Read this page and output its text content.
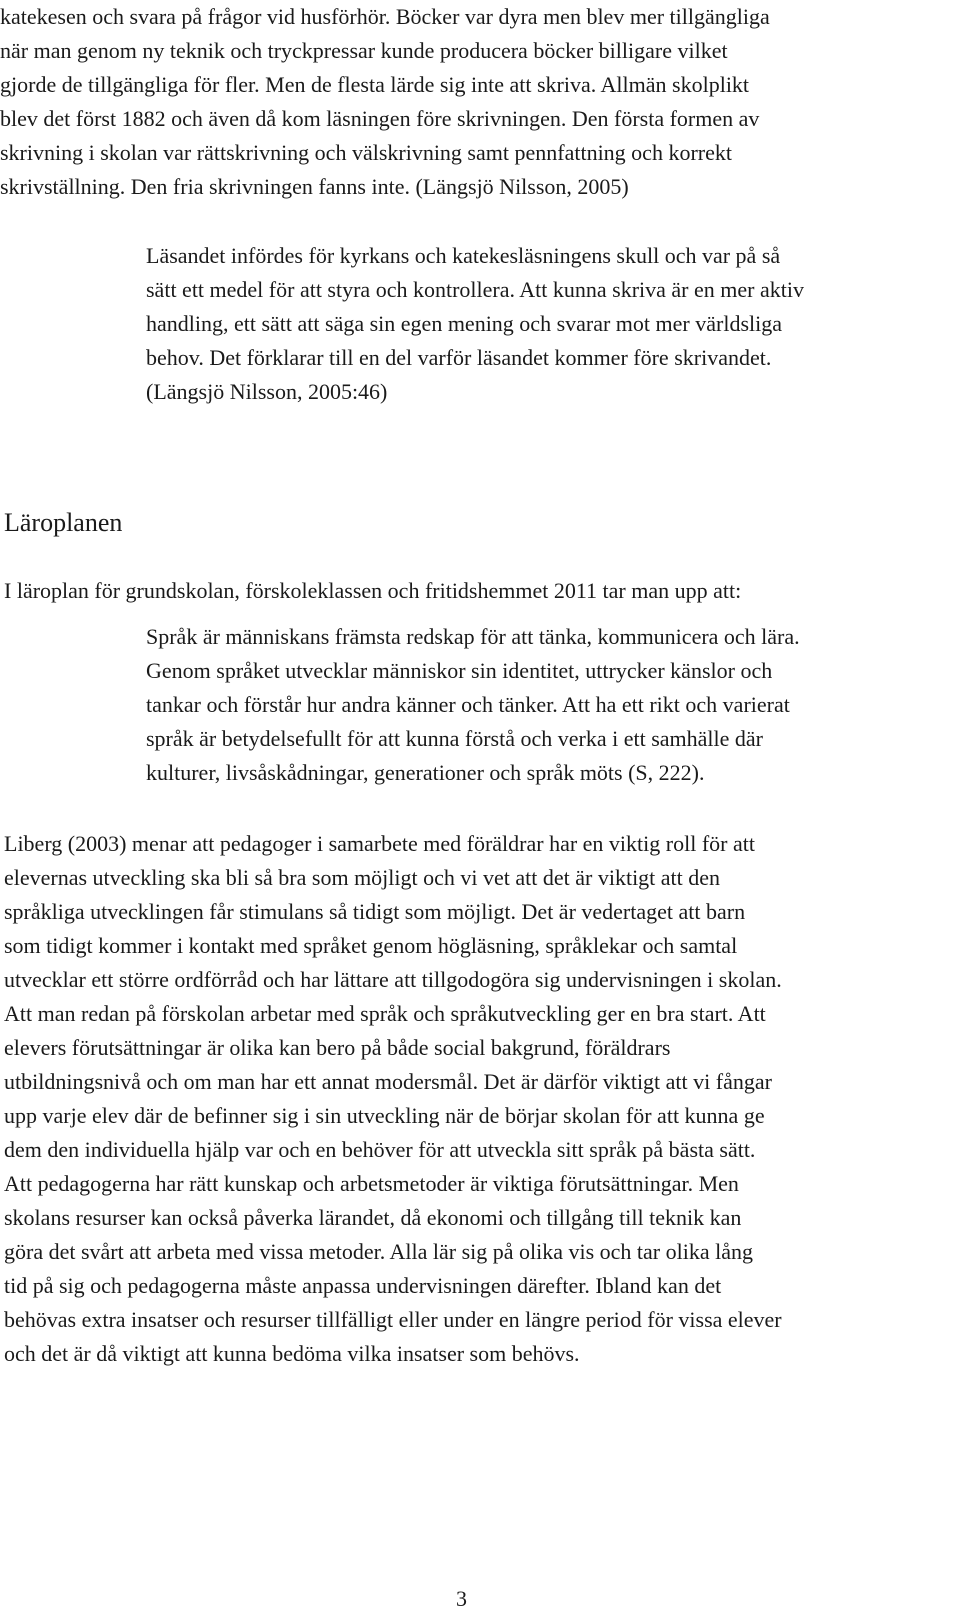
katekesen och svara på frågor vid husförhör. Böcker var dyra men blev mer tillgängliga
när man genom ny teknik och tryckpressar kunde producera böcker billigare vilket
gjorde de tillgängliga för fler. Men de flesta lärde sig inte att skriva. Allmän skolplikt
blev det först 1882 och även då kom läsningen före skrivningen. Den första formen av
skrivning i skolan var rättskrivning och välskrivning samt pennfattning och korrekt
skrivställning. Den fria skrivningen fanns inte. (Längsjö Nilsson, 2005)
Läsandet infördes för kyrkans och katekesläsningens skull och var på så
sätt ett medel för att styra och kontrollera. Att kunna skriva är en mer aktiv
handling, ett sätt att säga sin egen mening och svarar mot mer världsliga
behov. Det förklarar till en del varför läsandet kommer före skrivandet.
(Längsjö Nilsson, 2005:46)
Läroplanen
I läroplan för grundskolan, förskoleklassen och fritidshemmet 2011 tar man upp att:
Språk är människans främsta redskap för att tänka, kommunicera och lära.
Genom språket utvecklar människor sin identitet, uttrycker känslor och
tankar och förstår hur andra känner och tänker. Att ha ett rikt och varierat
språk är betydelsefullt för att kunna förstå och verka i ett samhälle där
kulturer, livsåskådningar, generationer och språk möts (S, 222).
Liberg (2003) menar att pedagoger i samarbete med föräldrar har en viktig roll för att
elevernas utveckling ska bli så bra som möjligt och vi vet att det är viktigt att den
språkliga utvecklingen får stimulans så tidigt som möjligt. Det är vedertaget att barn
som tidigt kommer i kontakt med språket genom högläsning, språklekar och samtal
utvecklar ett större ordförråd och har lättare att tillgodogöra sig undervisningen i skolan.
Att man redan på förskolan arbetar med språk och språkutveckling ger en bra start. Att
elevers förutsättningar är olika kan bero på både social bakgrund, föräldrars
utbildningsnivå och om man har ett annat modersmål. Det är därför viktigt att vi fångar
upp varje elev där de befinner sig i sin utveckling när de börjar skolan för att kunna ge
dem den individuella hjälp var och en behöver för att utveckla sitt språk på bästa sätt.
Att pedagogerna har rätt kunskap och arbetsmetoder är viktiga förutsättningar. Men
skolans resurser kan också påverka lärandet, då ekonomi och tillgång till teknik kan
göra det svårt att arbeta med vissa metoder. Alla lär sig på olika vis och tar olika lång
tid på sig och pedagogerna måste anpassa undervisningen därefter. Ibland kan det
behövas extra insatser och resurser tillfälligt eller under en längre period för vissa elever
och det är då viktigt att kunna bedöma vilka insatser som behövs.
3
